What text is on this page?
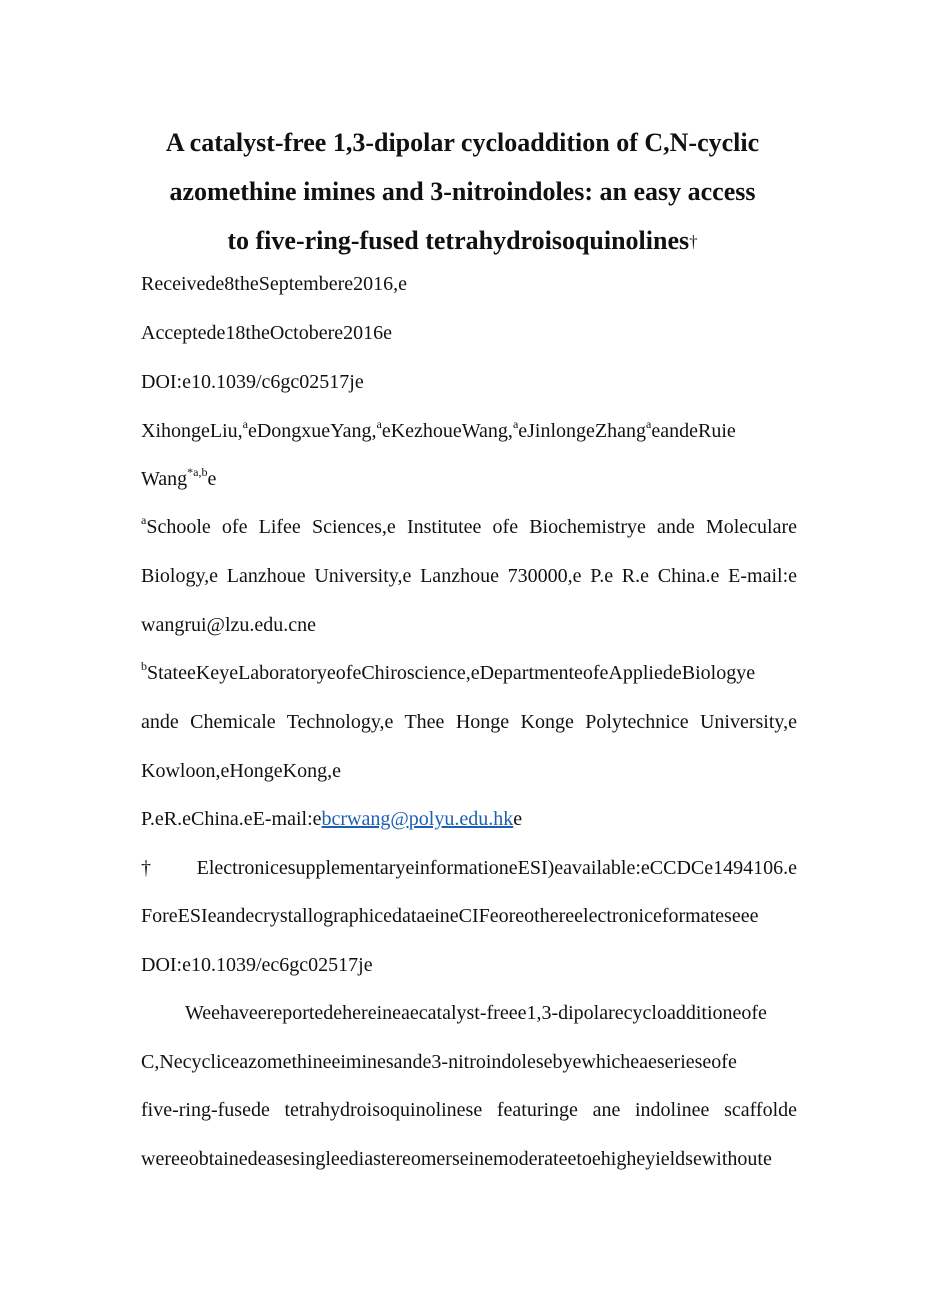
A catalyst-free 1,3-dipolar cycloaddition of C,N-cyclic
azomethine imines and 3-nitroindoles: an easy access
to five-ring-fused tetrahydroisoquinolines†
Receivede8theSeptembere2016,e
Acceptede18theOctobere2016e
DOI:e10.1039/c6gc02517je
XihongeLiu,$^a$eDongxueYang,$^a$eKezhoueWang,$^a$eJinlongeZhang$^a$eandeRuie
Wang$^{*a,b}$e
$^a$Schoole ofe Lifee Sciences,e Institutee ofe Biochemistrye ande Moleculare
Biology,e Lanzhoue University,e Lanzhoue 730000,e P.e R.e China.e E-mail:e
wangrui@lzu.edu.cne
$^b$StateeKeyeLaboratoryeofeChiroscience,eDepartmenteofeAppliedeBiologye
ande Chemicale Technology,e Thee Honge Konge Polytechnice University,e
Kowloon,eHongeKong,e
P.eR.eChina.eE-mail:ebcrwang@polyu.edu.hke
†ElectronicesupplementaryeinformationeESI)eavailable:eCCDCe1494106.e
ForeESIeandecrystallographicedataeineCIFeoreothereelectroniceformateseee
DOI:e10.1039/ec6gc02517je
Weehaveereportedehereineaecatalyst-freee1,3-dipolarecycloadditioneofe
C,Necycliceazomethineeiminesande3-nitroindolesebyewhicheaeserieseofe
five-ring-fusede tetrahydroisoquinolinese featuringe ane indolinee scaffolde
wereeobtainedeasesingleediastereomerseinemoderateetoehigheyieldsewithoute
